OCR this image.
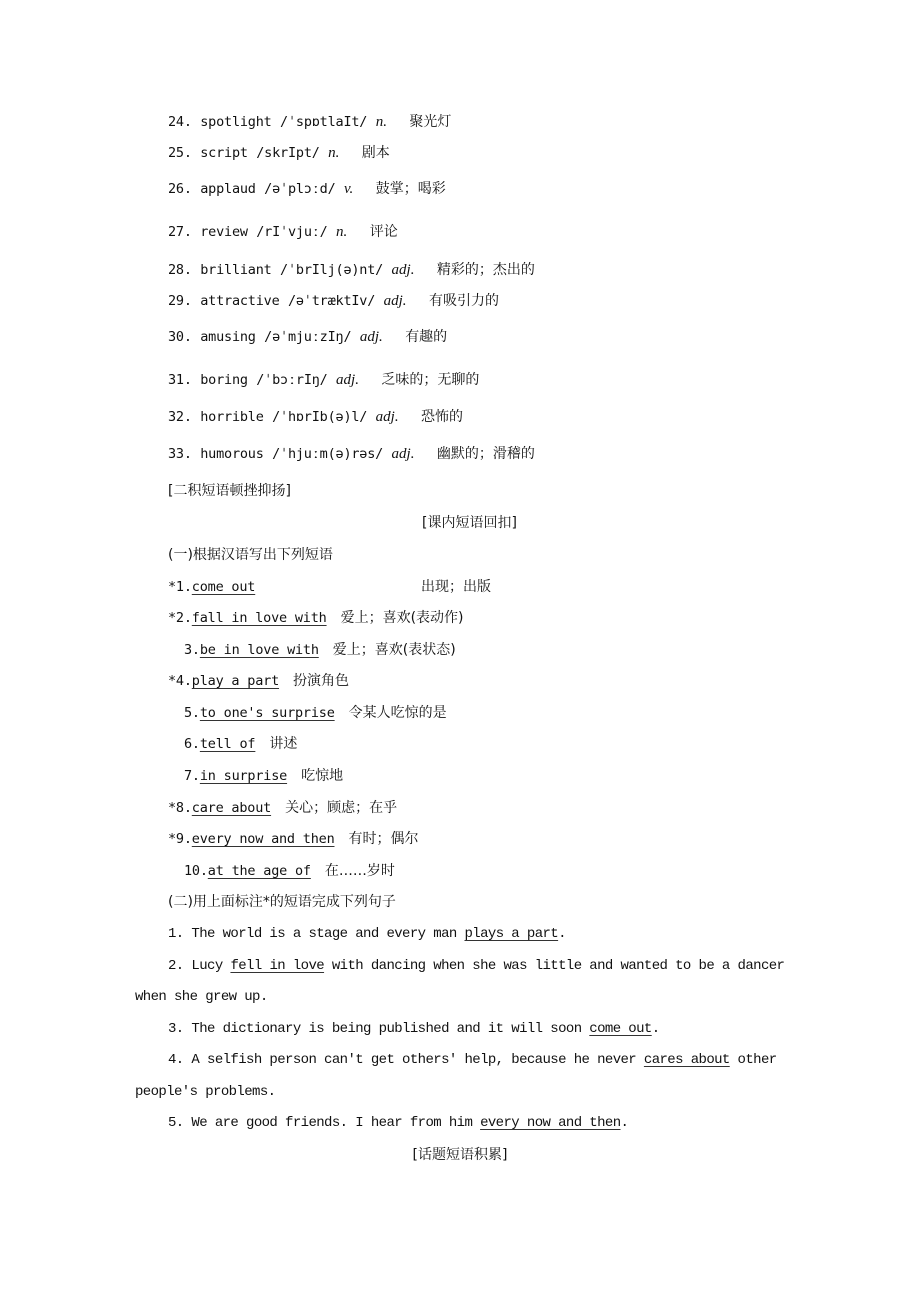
24. spotlight /ˈspɒtlaIt/ n. 聚光灯
25. script /skrIpt/ n. 剧本
26. applaud /əˈplɔːd/ v. 鼓掌；喝彩
27. review /rIˈvjuː/ n. 评论
28. brilliant /ˈbrIlj(ə)nt/ adj. 精彩的；杰出的
29. attractive /əˈtræktIv/ adj. 有吸引力的
30. amusing /əˈmjuːzIŋ/ adj. 有趣的
31. boring /ˈbɔːrIŋ/ adj. 乏味的；无聊的
32. horrible /ˈhɒrIb(ə)l/ adj. 恐怖的
33. humorous /ˈhjuːm(ə)rəs/ adj. 幽默的；滑稽的
[二积短语顿挫抑扬]
[课内短语回扣]
(一)根据汉语写出下列短语
*1.come out	出现；出版
*2.fall in love with 爱上；喜欢(表动作)
3.be in love with 爱上；喜欢(表状态)
*4.play a part 扮演角色
5.to one's surprise 令某人吃惊的是
6.tell of 讲述
7.in surprise 吃惊地
*8.care about 关心；顾虑；在乎
*9.every now and then 有时；偶尔
10.at the age of 在……岁时
(二)用上面标注*的短语完成下列句子
1. The world is a stage and every man plays a part.
2. Lucy fell in love with dancing when she was little and wanted to be a dancer
when she grew up.
3. The dictionary is being published and it will soon come out.
4. A selfish person can't get others' help, because he never cares about other
people's problems.
5. We are good friends. I hear from him every now and then.
[话题短语积累]
